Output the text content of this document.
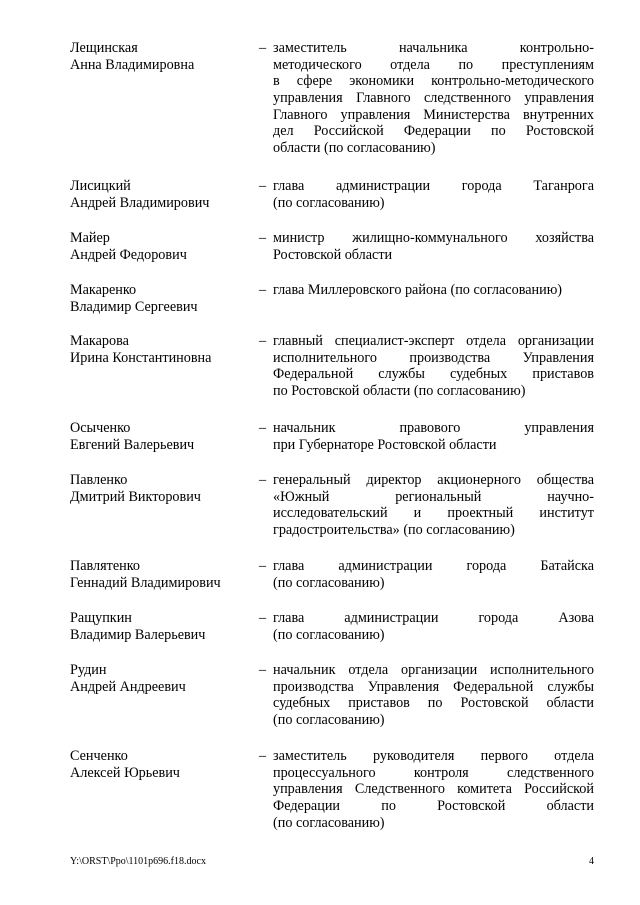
Лещинская
Анна Владимировна
– заместитель начальника контрольно-
методического отдела по преступлениям
в сфере экономики контрольно-методического
управления Главного следственного управления
Главного управления Министерства внутренних
дел Российской Федерации по Ростовской
области (по согласованию)
Лисицкий
Андрей Владимирович
– глава администрации города Таганрога
(по согласованию)
Майер
Андрей Федорович
– министр жилищно-коммунального хозяйства
Ростовской области
Макаренко
Владимир Сергеевич
– глава Миллеровского района (по согласованию)
Макарова
Ирина Константиновна
– главный специалист-эксперт отдела организации
исполнительного производства Управления
Федеральной службы судебных приставов
по Ростовской области (по согласованию)
Осыченко
Евгений Валерьевич
– начальник правового управления
при Губернаторе Ростовской области
Павленко
Дмитрий Викторович
– генеральный директор акционерного общества
«Южный региональный научно-
исследовательский и проектный институт
градостроительства» (по согласованию)
Павлятенко
Геннадий Владимирович
– глава администрации города Батайска
(по согласованию)
Ращупкин
Владимир Валерьевич
– глава администрации города Азова
(по согласованию)
Рудин
Андрей Андреевич
– начальник отдела организации исполнительного
производства Управления Федеральной службы
судебных приставов по Ростовской области
(по согласованию)
Сенченко
Алексей Юрьевич
– заместитель руководителя первого отдела
процессуального контроля следственного
управления Следственного комитета Российской
Федерации по Ростовской области
(по согласованию)
Y:\ORST\Ppo\1101p696.f18.docx	4
